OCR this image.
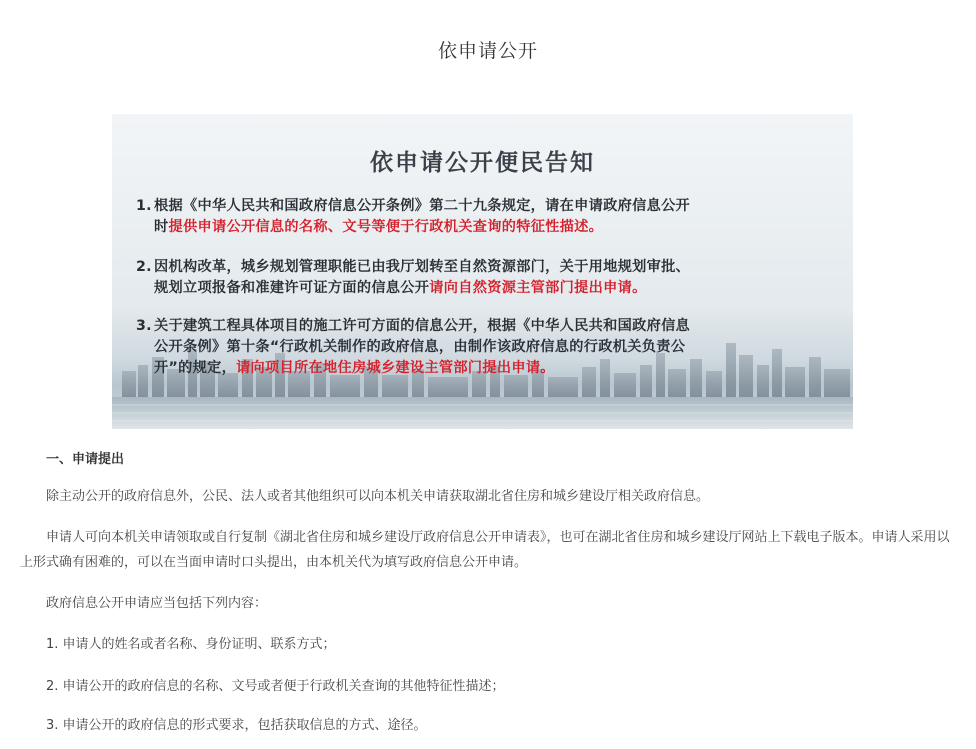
依申请公开
依申请公开便民告知
1. 根据《中华人民共和国政府信息公开条例》第二十九条规定，请在申请政府信息公开
时提供申请公开信息的名称、文号等便于行政机关查询的特征性描述。
2. 因机构改革，城乡规划管理职能已由我厅划转至自然资源部门，关于用地规划审批、
规划立项报备和准建许可证方面的信息公开请向自然资源主管部门提出申请。
3. 关于建筑工程具体项目的施工许可方面的信息公开，根据《中华人民共和国政府信息
公开条例》第十条“行政机关制作的政府信息，由制作该政府信息的行政机关负责公
开”的规定，请向项目所在地住房城乡建设主管部门提出申请。
一、申请提出
除主动公开的政府信息外，公民、法人或者其他组织可以向本机关申请获取湖北省住房和城乡建设厅相关政府信息。
申请人可向本机关申请领取或自行复制《湖北省住房和城乡建设厅政府信息公开申请表》，也可在湖北省住房和城乡建设厅网站上下载电子版本。申请人采用以上形式确有困难的，可以在当面申请时口头提出，由本机关代为填写政府信息公开申请。
政府信息公开申请应当包括下列内容：
1. 申请人的姓名或者名称、身份证明、联系方式；
2. 申请公开的政府信息的名称、文号或者便于行政机关查询的其他特征性描述；
3. 申请公开的政府信息的形式要求，包括获取信息的方式、途径。
